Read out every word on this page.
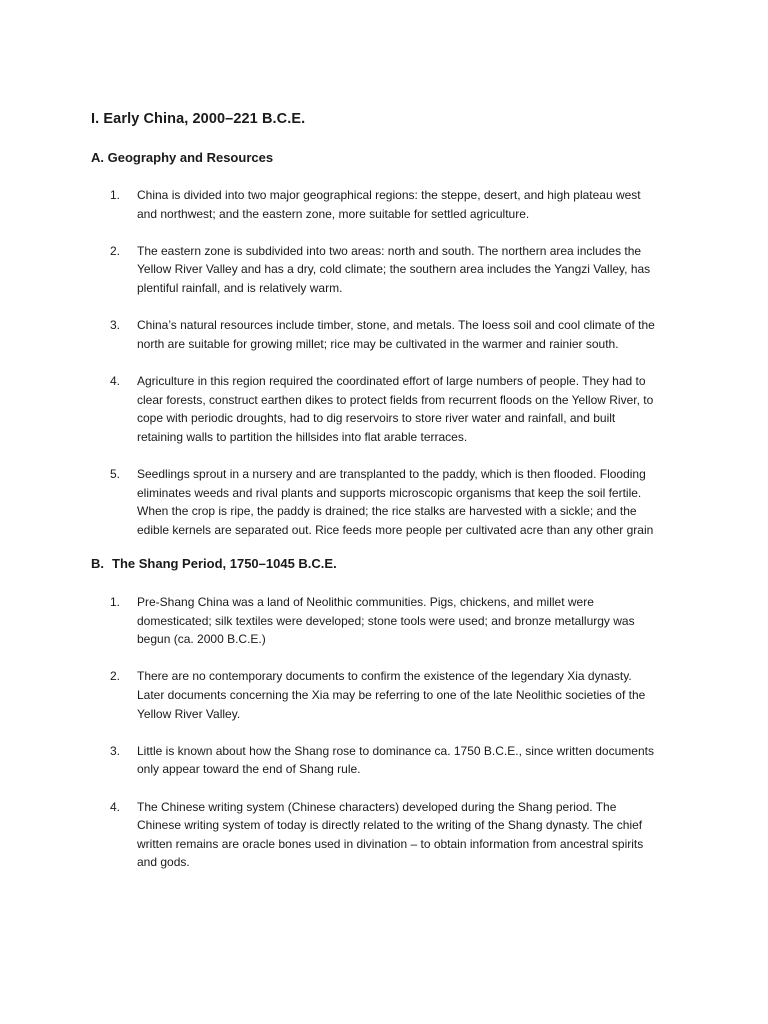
I. Early China, 2000–221 B.C.E.
A. Geography and Resources
1. China is divided into two major geographical regions: the steppe, desert, and high plateau west
and northwest; and the eastern zone, more suitable for settled agriculture.
2. The eastern zone is subdivided into two areas: north and south. The northern area includes the
Yellow River Valley and has a dry, cold climate; the southern area includes the Yangzi Valley, has
plentiful rainfall, and is relatively warm.
3. China’s natural resources include timber, stone, and metals. The loess soil and cool climate of the
north are suitable for growing millet; rice may be cultivated in the warmer and rainier south.
4. Agriculture in this region required the coordinated effort of large numbers of people. They had to
clear forests, construct earthen dikes to protect fields from recurrent floods on the Yellow River, to
cope with periodic droughts, had to dig reservoirs to store river water and rainfall, and built
retaining walls to partition the hillsides into flat arable terraces.
5. Seedlings sprout in a nursery and are transplanted to the paddy, which is then flooded. Flooding
eliminates weeds and rival plants and supports microscopic organisms that keep the soil fertile.
When the crop is ripe, the paddy is drained; the rice stalks are harvested with a sickle; and the
edible kernels are separated out. Rice feeds more people per cultivated acre than any other grain
B. The Shang Period, 1750–1045 B.C.E.
1. Pre-Shang China was a land of Neolithic communities. Pigs, chickens, and millet were
domesticated; silk textiles were developed; stone tools were used; and bronze metallurgy was
begun (ca. 2000 B.C.E.)
2. There are no contemporary documents to confirm the existence of the legendary Xia dynasty.
Later documents concerning the Xia may be referring to one of the late Neolithic societies of the
Yellow River Valley.
3. Little is known about how the Shang rose to dominance ca. 1750 B.C.E., since written documents
only appear toward the end of Shang rule.
4. The Chinese writing system (Chinese characters) developed during the Shang period. The
Chinese writing system of today is directly related to the writing of the Shang dynasty. The chief
written remains are oracle bones used in divination – to obtain information from ancestral spirits
and gods.
